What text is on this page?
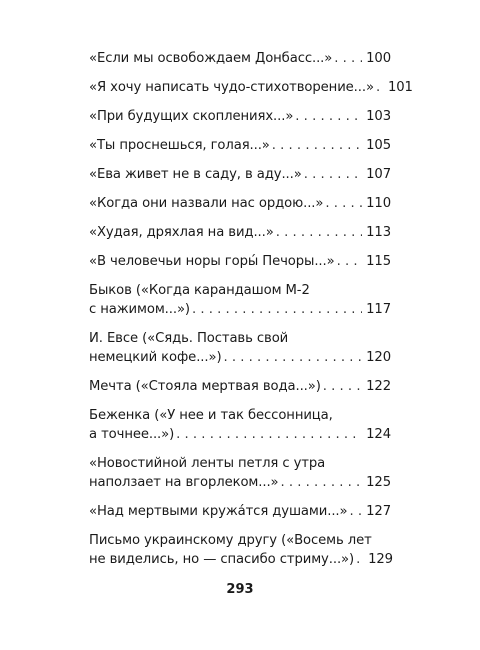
«Если мы освобождаем Донбасс...» . . .	100
«Я хочу написать чудо-стихотворение...» . . . 101
«При будущих скоплениях...» . . .	103
«Ты проснешься, голая...» . . .	105
«Ева живет не в саду, в аду...» . . .	107
«Когда они назвали нас ордою...» . . .	110
«Худая, дряхлая на вид...» . . .	113
«В человечьи норы горы́ Печоры...» . . . 115
Быков («Когда карандашом М-2
с нажимом...») . . .	117
И. Евсе («Сядь. Поставь свой
немецкий кофе...») . . .	120
Мечта («Стояла мертвая вода...») . . .	122
Беженка («У нее и так бессонница,
а точнее...») . . .	124
«Новостийной ленты петля с утра
наползает на вгорлеком...» . . .	125
«Над мертвыми кружа́тся душами...» . . . 127
Письмо украинскому другу («Восемь лет
не виделись, но — спасибо стриму...») . . . 129
293
